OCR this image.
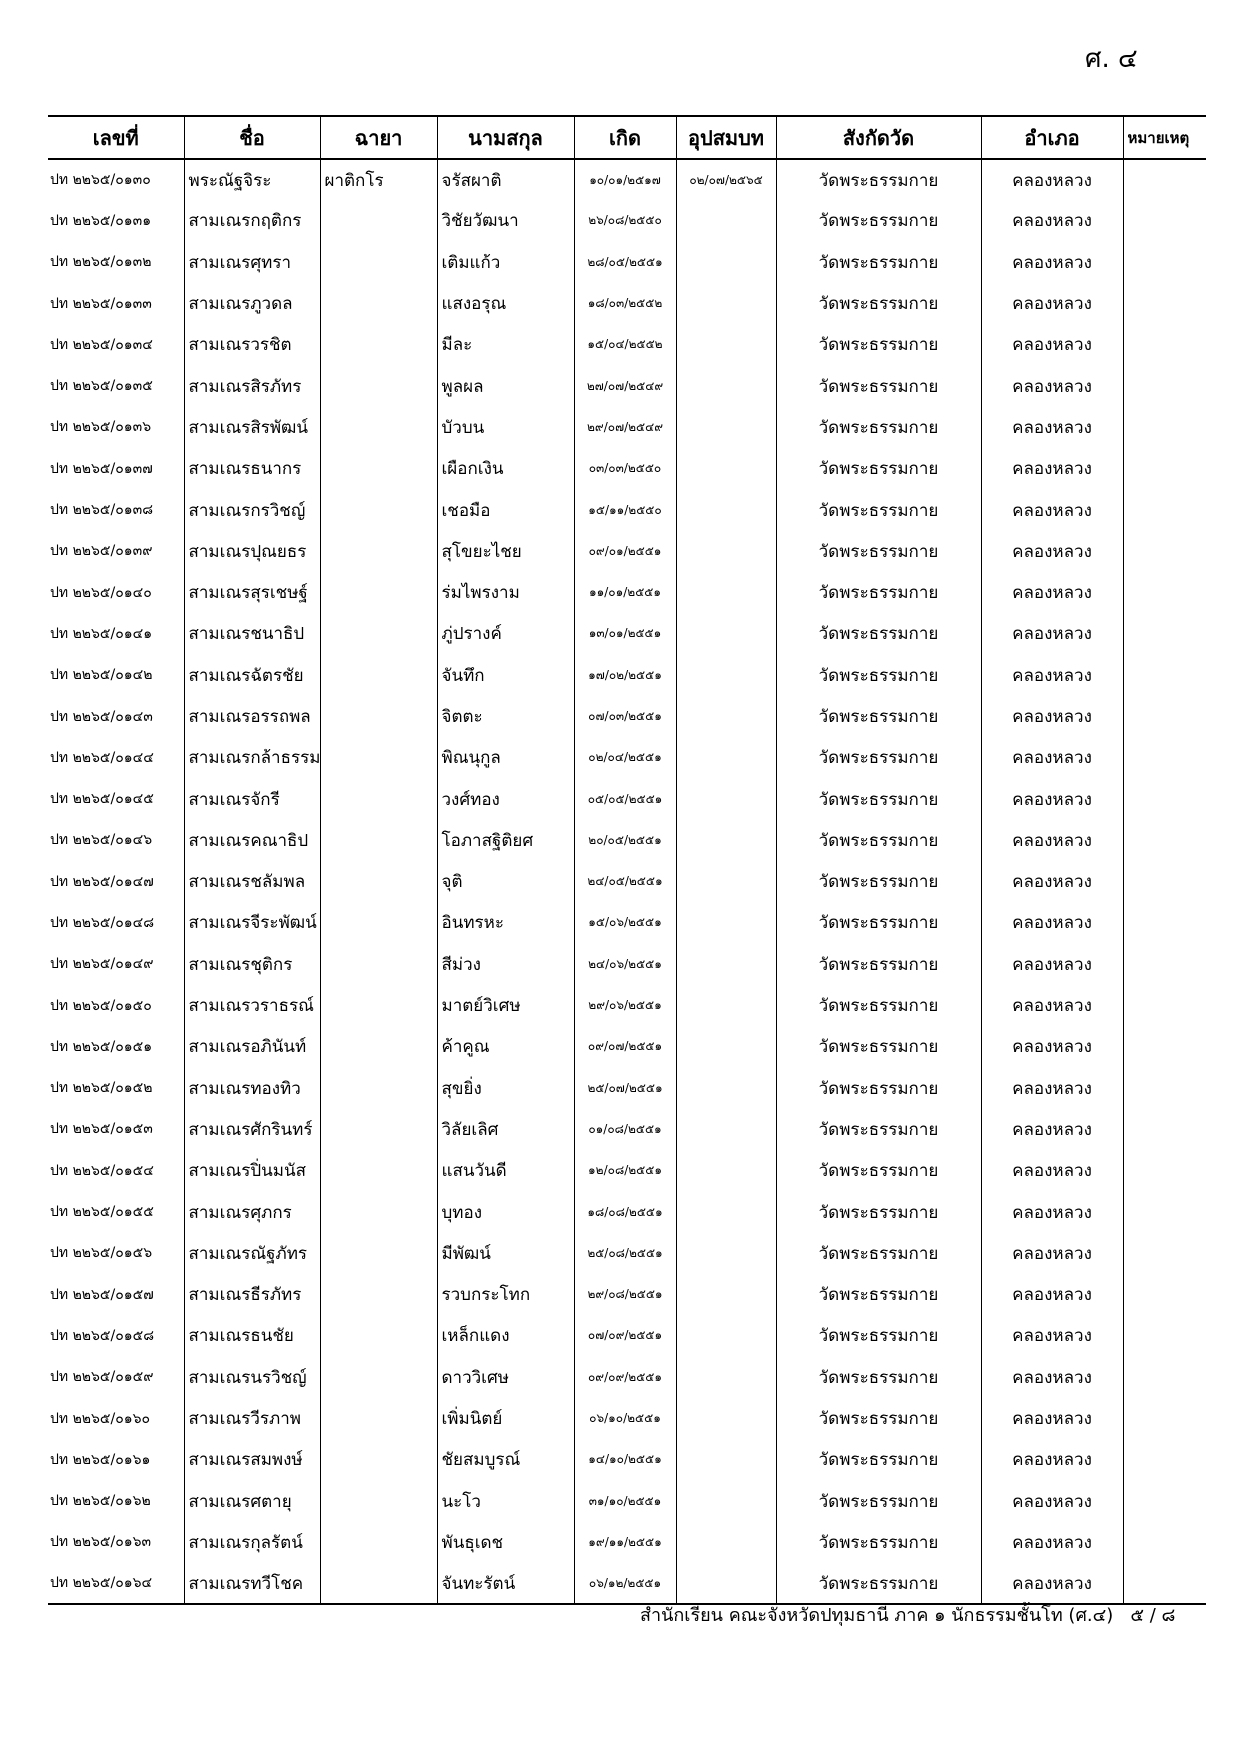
ศ. ๔
เลขที่	ชื่อ	ฉายา	นามสกุล	เกิด	อุปสมบท	สังกัดวัด	อำเภอ	หมายเหตุ
ปท ๒๒๖๕/๐๑๓๐	พระณัฐจิระ	ผาติกโร	จรัสผาติ	๑๐/๐๑/๒๕๑๗	๐๒/๐๗/๒๕๖๕	วัดพระธรรมกาย	คลองหลวง	
ปท ๒๒๖๕/๐๑๓๑	สามเณรกฤติกร		วิชัยวัฒนา	๒๖/๐๘/๒๕๕๐		วัดพระธรรมกาย	คลองหลวง	
ปท ๒๒๖๕/๐๑๓๒	สามเณรศุทรา		เติมแก้ว	๒๘/๐๕/๒๕๕๑		วัดพระธรรมกาย	คลองหลวง	
ปท ๒๒๖๕/๐๑๓๓	สามเณรภูวดล		แสงอรุณ	๑๘/๐๓/๒๕๕๒		วัดพระธรรมกาย	คลองหลวง	
ปท ๒๒๖๕/๐๑๓๔	สามเณรวรชิต		มีละ	๑๕/๐๔/๒๕๕๒		วัดพระธรรมกาย	คลองหลวง	
ปท ๒๒๖๕/๐๑๓๕	สามเณรสิรภัทร		พูลผล	๒๗/๐๗/๒๕๔๙		วัดพระธรรมกาย	คลองหลวง	
ปท ๒๒๖๕/๐๑๓๖	สามเณรสิรพัฒน์		บัวบน	๒๙/๐๗/๒๕๔๙		วัดพระธรรมกาย	คลองหลวง	
ปท ๒๒๖๕/๐๑๓๗	สามเณรธนากร		เผือกเงิน	๐๓/๐๓/๒๕๕๐		วัดพระธรรมกาย	คลองหลวง	
ปท ๒๒๖๕/๐๑๓๘	สามเณรกรวิชญ์		เชอมือ	๑๕/๑๑/๒๕๕๐		วัดพระธรรมกาย	คลองหลวง	
ปท ๒๒๖๕/๐๑๓๙	สามเณรปุณยธร		สุโขยะไชย	๐๙/๐๑/๒๕๕๑		วัดพระธรรมกาย	คลองหลวง	
ปท ๒๒๖๕/๐๑๔๐	สามเณรสุรเชษฐ์		ร่มไพรงาม	๑๑/๐๑/๒๕๕๑		วัดพระธรรมกาย	คลองหลวง	
ปท ๒๒๖๕/๐๑๔๑	สามเณรชนาธิป		ภู่ปรางค์	๑๓/๐๑/๒๕๕๑		วัดพระธรรมกาย	คลองหลวง	
ปท ๒๒๖๕/๐๑๔๒	สามเณรฉัตรชัย		จันทึก	๑๗/๐๒/๒๕๕๑		วัดพระธรรมกาย	คลองหลวง	
ปท ๒๒๖๕/๐๑๔๓	สามเณรอรรถพล		จิตตะ	๐๗/๐๓/๒๕๕๑		วัดพระธรรมกาย	คลองหลวง	
ปท ๒๒๖๕/๐๑๔๔	สามเณรกล้าธรรม		พิณนุกูล	๐๒/๐๔/๒๕๕๑		วัดพระธรรมกาย	คลองหลวง	
ปท ๒๒๖๕/๐๑๔๕	สามเณรจักรี		วงศ์ทอง	๐๕/๐๕/๒๕๕๑		วัดพระธรรมกาย	คลองหลวง	
ปท ๒๒๖๕/๐๑๔๖	สามเณรคณาธิป		โอภาสฐิติยศ	๒๐/๐๕/๒๕๕๑		วัดพระธรรมกาย	คลองหลวง	
ปท ๒๒๖๕/๐๑๔๗	สามเณรชลัมพล		จุติ	๒๔/๐๕/๒๕๕๑		วัดพระธรรมกาย	คลองหลวง	
ปท ๒๒๖๕/๐๑๔๘	สามเณรจีระพัฒน์		อินทรหะ	๑๕/๐๖/๒๕๕๑		วัดพระธรรมกาย	คลองหลวง	
ปท ๒๒๖๕/๐๑๔๙	สามเณรชุติกร		สีม่วง	๒๔/๐๖/๒๕๕๑		วัดพระธรรมกาย	คลองหลวง	
ปท ๒๒๖๕/๐๑๕๐	สามเณรวราธรณ์		มาตย์วิเศษ	๒๙/๐๖/๒๕๕๑		วัดพระธรรมกาย	คลองหลวง	
ปท ๒๒๖๕/๐๑๕๑	สามเณรอภินันท์		ค้าคูณ	๐๙/๐๗/๒๕๕๑		วัดพระธรรมกาย	คลองหลวง	
ปท ๒๒๖๕/๐๑๕๒	สามเณรทองทิว		สุขยิ่ง	๒๕/๐๗/๒๕๕๑		วัดพระธรรมกาย	คลองหลวง	
ปท ๒๒๖๕/๐๑๕๓	สามเณรศักรินทร์		วิลัยเลิศ	๐๑/๐๘/๒๕๕๑		วัดพระธรรมกาย	คลองหลวง	
ปท ๒๒๖๕/๐๑๕๔	สามเณรปิ่นมนัส		แสนวันดี	๑๒/๐๘/๒๕๕๑		วัดพระธรรมกาย	คลองหลวง	
ปท ๒๒๖๕/๐๑๕๕	สามเณรศุภกร		บุทอง	๑๘/๐๘/๒๕๕๑		วัดพระธรรมกาย	คลองหลวง	
ปท ๒๒๖๕/๐๑๕๖	สามเณรณัฐภัทร		มีพัฒน์	๒๕/๐๘/๒๕๕๑		วัดพระธรรมกาย	คลองหลวง	
ปท ๒๒๖๕/๐๑๕๗	สามเณรธีรภัทร		รวบกระโทก	๒๙/๐๘/๒๕๕๑		วัดพระธรรมกาย	คลองหลวง	
ปท ๒๒๖๕/๐๑๕๘	สามเณรธนชัย		เหล็กแดง	๐๗/๐๙/๒๕๕๑		วัดพระธรรมกาย	คลองหลวง	
ปท ๒๒๖๕/๐๑๕๙	สามเณรนรวิชญ์		ดาววิเศษ	๐๙/๐๙/๒๕๕๑		วัดพระธรรมกาย	คลองหลวง	
ปท ๒๒๖๕/๐๑๖๐	สามเณรวีรภาพ		เพิ่มนิตย์	๐๖/๑๐/๒๕๕๑		วัดพระธรรมกาย	คลองหลวง	
ปท ๒๒๖๕/๐๑๖๑	สามเณรสมพงษ์		ชัยสมบูรณ์	๑๔/๑๐/๒๕๕๑		วัดพระธรรมกาย	คลองหลวง	
ปท ๒๒๖๕/๐๑๖๒	สามเณรศตายุ		นะโว	๓๑/๑๐/๒๕๕๑		วัดพระธรรมกาย	คลองหลวง	
ปท ๒๒๖๕/๐๑๖๓	สามเณรกุลรัตน์		พันธุเดช	๑๙/๑๑/๒๕๕๑		วัดพระธรรมกาย	คลองหลวง	
ปท ๒๒๖๕/๐๑๖๔	สามเณรทวีโชค		จันทะรัตน์	๐๖/๑๒/๒๕๕๑		วัดพระธรรมกาย	คลองหลวง	
สำนักเรียน คณะจังหวัดปทุมธานี ภาค ๑ นักธรรมชั้นโท (ศ.๔) ๕ / ๘
